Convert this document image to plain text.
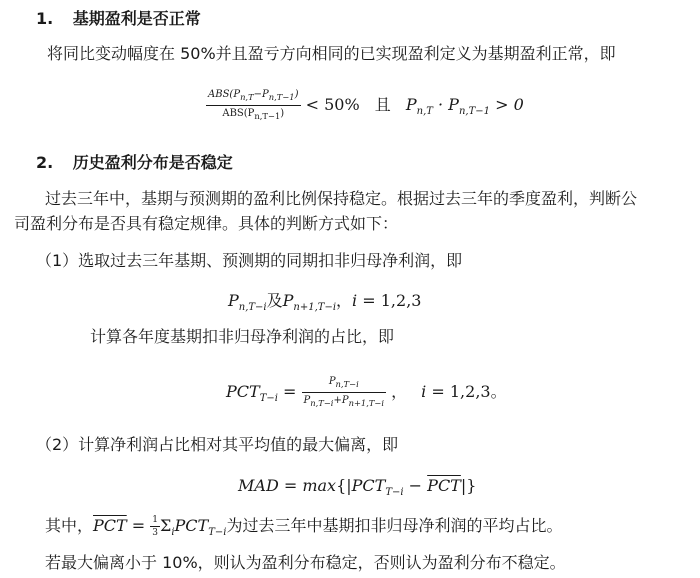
1. 基期盈利是否正常
将同比变动幅度在 50%并且盈亏方向相同的已实现盈利定义为基期盈利正常，即
$\frac{ABS(P_{n,T}-P_{n,T-1})}{ABS(P_{n,T-1})} < 50\%$ 且 $P_{n,T} \cdot P_{n,T-1} > 0$
2. 历史盈利分布是否稳定
过去三年中，基期与预测期的盈利比例保持稳定。根据过去三年的季度盈利，判断公
司盈利分布是否具有稳定规律。具体的判断方式如下：
（1）选取过去三年基期、预测期的同期扣非归母净利润，即
$P_{n,T-i}$及$P_{n+1,T-i}$，i = 1,2,3
计算各年度基期扣非归母净利润的占比，即
$PCT_{T-i} = \frac{P_{n,T-i}}{P_{n,T-i}+P_{n+1,T-i}}$ ， i = 1,2,3。
（2）计算净利润占比相对其平均值的最大偏离，即
MAD = $\max\{|PCT_{T-i} - \overline{PCT}|\}$
其中，$\overline{PCT} = \frac{1}{3} \Sigma_iPCT_{T-i}$为过去三年中基期扣非归母净利润的平均占比。
若最大偏离小于 10%，则认为盈利分布稳定，否则认为盈利分布不稳定。
